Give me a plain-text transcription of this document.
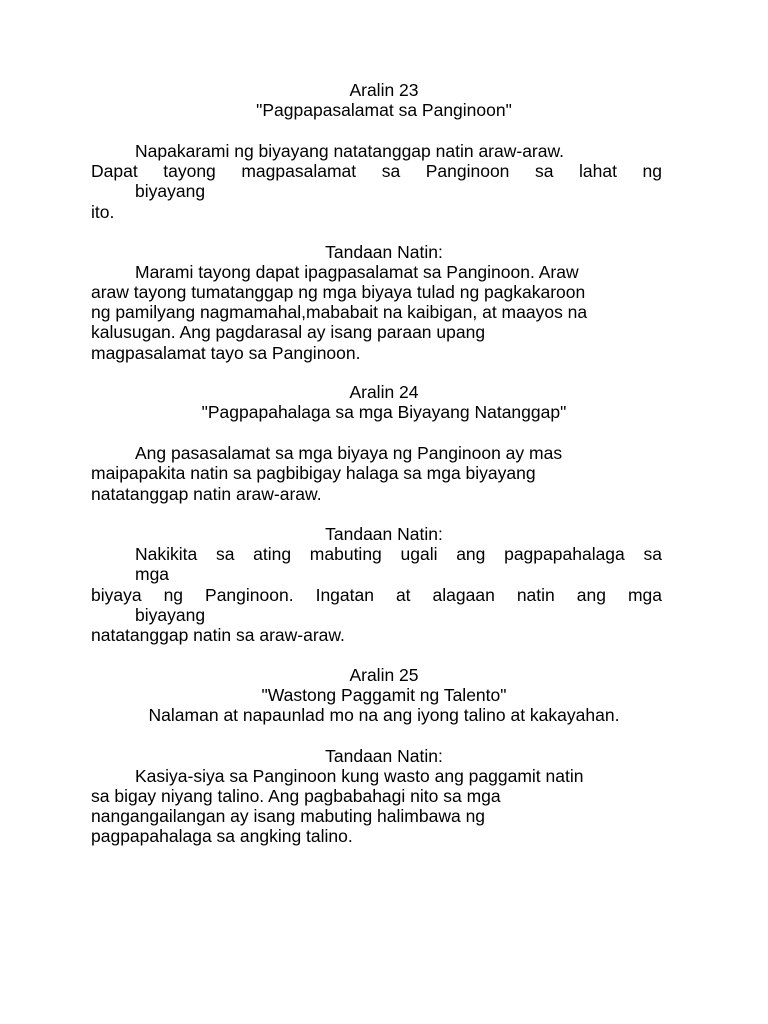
Aralin 23
"Pagpapasalamat sa Panginoon"
Napakarami ng biyayang natatanggap natin araw-araw.
Dapat tayong magpasalamat sa Panginoon sa lahat ng
biyayang
ito.
Tandaan Natin:
Marami tayong dapat ipagpasalamat sa Panginoon. Araw
araw tayong tumatanggap ng mga biyaya tulad ng pagkakaroon
ng pamilyang nagmamahal,mababait na kaibigan, at maayos na
kalusugan. Ang pagdarasal ay isang paraan upang
magpasalamat tayo sa Panginoon.
Aralin 24
"Pagpapahalaga sa mga Biyayang Natanggap"
Ang pasasalamat sa mga biyaya ng Panginoon ay mas
maipapakita natin sa pagbibigay halaga sa mga biyayang
natatanggap natin araw-araw.
Tandaan Natin:
Nakikita sa ating mabuting ugali ang pagpapahalaga sa
mga
biyaya ng Panginoon. Ingatan at alagaan natin ang mga
biyayang
natatanggap natin sa araw-araw.
Aralin 25
"Wastong Paggamit ng Talento"
Nalaman at napaunlad mo na ang iyong talino at kakayahan.
Tandaan Natin:
Kasiya-siya sa Panginoon kung wasto ang paggamit natin
sa bigay niyang talino. Ang pagbabahagi nito sa mga
nangangailangan ay isang mabuting halimbawa ng
pagpapahalaga sa angking talino.
